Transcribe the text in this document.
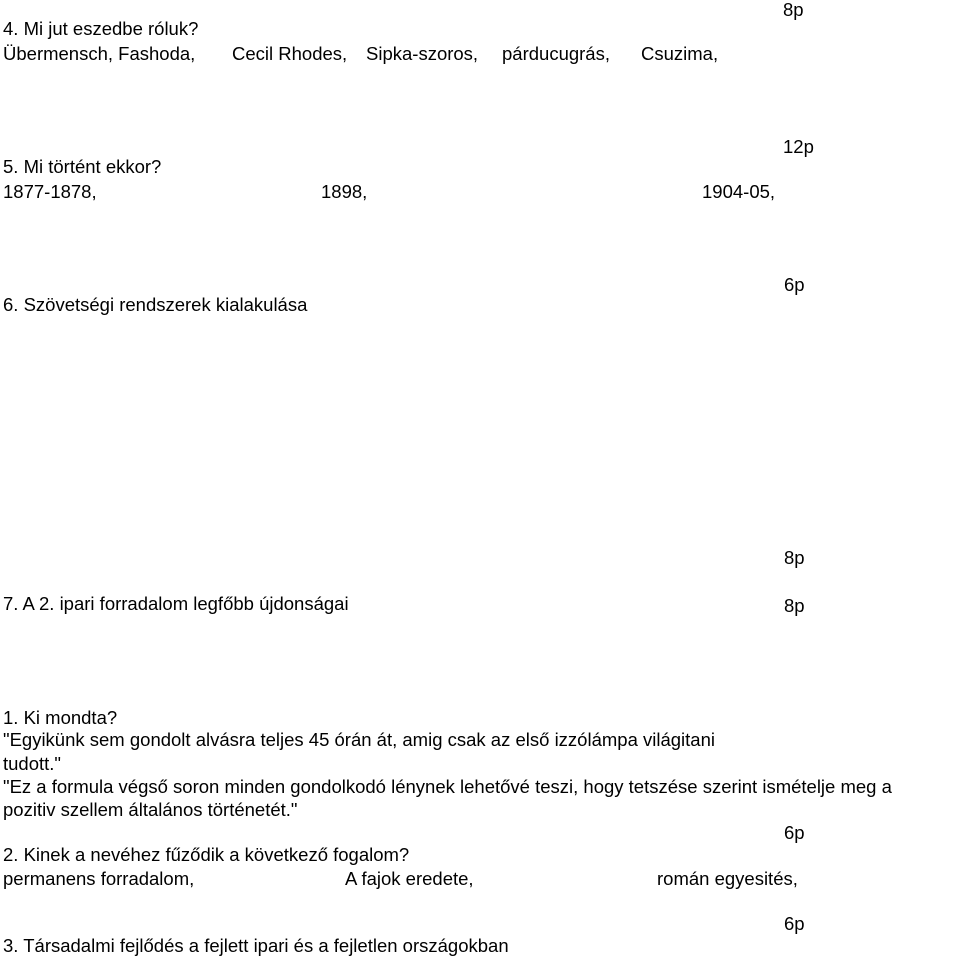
8p
4. Mi jut eszedbe róluk?
Übermensch, Fashoda, Cecil Rhodes, Sipka-szoros, párducugrás, Csuzima,
12p
5. Mi történt ekkor?
1877-1878,	1898,	1904-05,
6p
6. Szövetségi rendszerek kialakulása
8p
7. A 2. ipari forradalom legfőbb újdonságai	8p
1. Ki mondta?
"Egyikünk sem gondolt alvásra teljes 45 órán át, amig csak az első izzólámpa világitani
tudott."
"Ez a formula végső soron minden gondolkodó lénynek lehetővé teszi, hogy tetszése szerint ismételje meg a
pozitiv szellem általános történetét."
6p
2. Kinek a nevéhez fűződik a következő fogalom?
permanens forradalom,	A fajok eredete,	román egyesités,
6p
3. Társadalmi fejlődés a fejlett ipari és a fejletlen országokban
